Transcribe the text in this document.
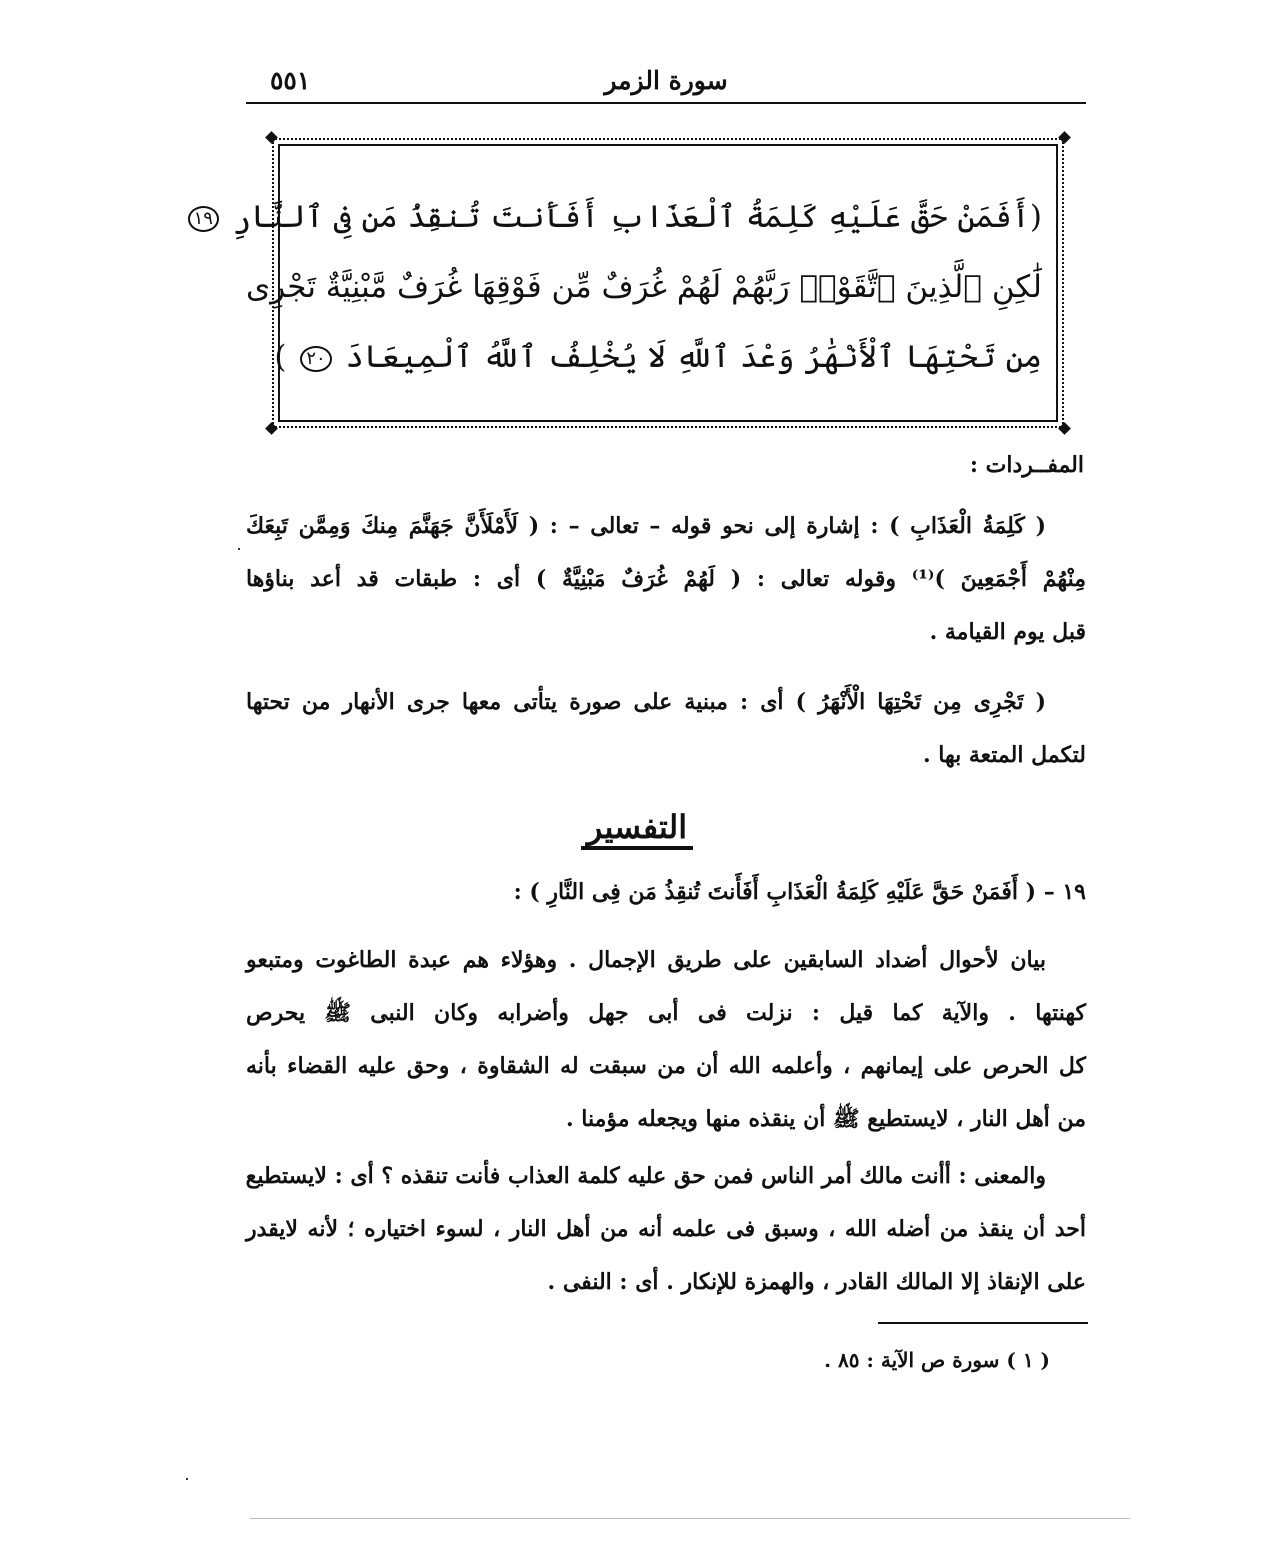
سورة الزمر
٥٥١
(أَفَمَنْ حَقَّ عَلَيْهِ كَلِمَةُ ٱلْعَذَابِ أَفَأَنتَ تُنقِذُ مَن فِى ٱلنَّارِ ١٩
لَٰكِنِ ٱلَّذِينَ ٱتَّقَوْا۟ رَبَّهُمْ لَهُمْ غُرَفٌ مِّن فَوْقِهَا غُرَفٌ مَّبْنِيَّةٌ تَجْرِى
مِن تَحْتِهَا ٱلْأَنْهَٰرُ وَعْدَ ٱللَّهِ لَا يُخْلِفُ ٱللَّهُ ٱلْمِيعَادَ ٢٠ )
المفــردات :
( كَلِمَةُ الْعَذَابِ ) : إشارة إلى نحو قوله – تعالى – : ( لَأَمْلَأَنَّ جَهَنَّمَ مِنكَ وَمِمَّن تَبِعَكَ
مِنْهُمْ أَجْمَعِينَ )⁽¹⁾ وقوله تعالى : ( لَهُمْ غُرَفٌ مَبْنِيَّةٌ ) أى : طبقات قد أعد بناؤها
قبل يوم القيامة .
( تَجْرِى مِن تَحْتِهَا الْأَنْهَرُ ) أى : مبنية على صورة يتأتى معها جرى الأنهار من تحتها
لتكمل المتعة بها .
التفسير
١٩ – ( أَفَمَنْ حَقَّ عَلَيْهِ كَلِمَةُ الْعَذَابِ أَفَأَنتَ تُنقِذُ مَن فِى النَّارِ ) :
بيان لأحوال أضداد السابقين على طريق الإجمال . وهؤلاء هم عبدة الطاغوت ومتبعو
كهنتها . والآية كما قيل : نزلت فى أبى جهل وأضرابه وكان النبى ﷺ يحرص
كل الحرص على إيمانهم ، وأعلمه الله أن من سبقت له الشقاوة ، وحق عليه القضاء بأنه
من أهل النار ، لايستطيع ﷺ أن ينقذه منها ويجعله مؤمنا .
والمعنى : أأنت مالك أمر الناس فمن حق عليه كلمة العذاب فأنت تنقذه ؟ أى : لايستطيع
أحد أن ينقذ من أضله الله ، وسبق فى علمه أنه من أهل النار ، لسوء اختياره ؛ لأنه لايقدر
على الإنقاذ إلا المالك القادر ، والهمزة للإنكار . أى : النفى .
( ١ ) سورة ص الآية : ٨٥ .
